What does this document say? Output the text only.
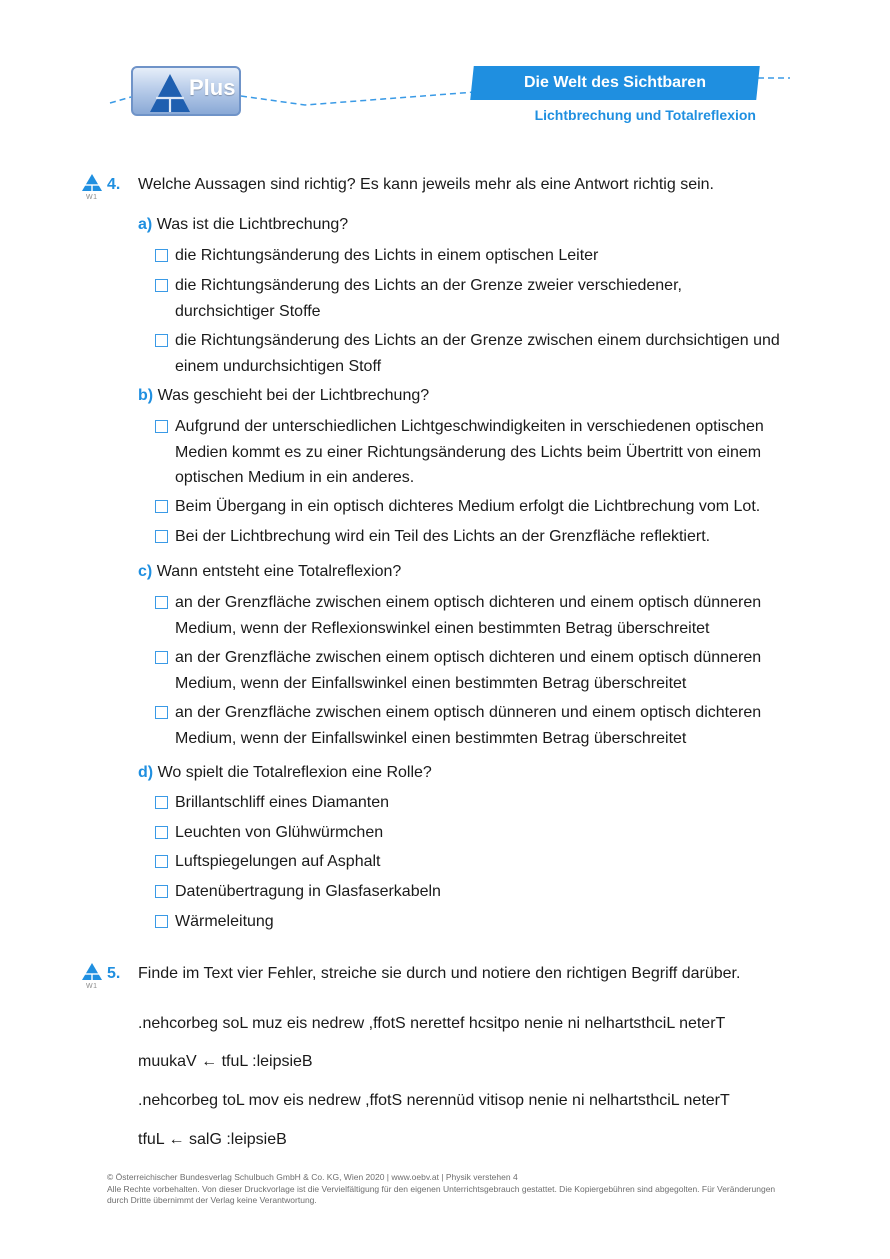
Plus	Die Welt des Sichtbaren
Lichtbrechung und Totalreflexion
W1
4. Welche Aussagen sind richtig? Es kann jeweils mehr als eine Antwort richtig sein.
a) Was ist die Lichtbrechung?
die Richtungsänderung des Lichts in einem optischen Leiter
die Richtungsänderung des Lichts an der Grenze zweier verschiedener, durchsichtiger Stoffe
die Richtungsänderung des Lichts an der Grenze zwischen einem durchsichtigen und einem undurchsichtigen Stoff
b) Was geschieht bei der Lichtbrechung?
Aufgrund der unterschiedlichen Lichtgeschwindigkeiten in verschiedenen optischen Medien kommt es zu einer Richtungsänderung des Lichts beim Übertritt von einem optischen Medium in ein anderes.
Beim Übergang in ein optisch dichteres Medium erfolgt die Lichtbrechung vom Lot.
Bei der Lichtbrechung wird ein Teil des Lichts an der Grenzfläche reflektiert.
c) Wann entsteht eine Totalreflexion?
an der Grenzfläche zwischen einem optisch dichteren und einem optisch dünneren Medium, wenn der Reflexionswinkel einen bestimmten Betrag überschreitet
an der Grenzfläche zwischen einem optisch dichteren und einem optisch dünneren Medium, wenn der Einfallswinkel einen bestimmten Betrag überschreitet
an der Grenzfläche zwischen einem optisch dünneren und einem optisch dichteren Medium, wenn der Einfallswinkel einen bestimmten Betrag überschreitet
d) Wo spielt die Totalreflexion eine Rolle?
Brillantschliff eines Diamanten
Leuchten von Glühwürmchen
Luftspiegelungen auf Asphalt
Datenübertragung in Glasfaserkabeln
Wärmeleitung
W1
5. Finde im Text vier Fehler, streiche sie durch und notiere den richtigen Begriff darüber.
.nehcorbeg soL muz eis nedrew ,ffotS nerettef hcsitpo nenie ni nelhartsthciL neterT
muukaV ← tfuL :leipsieB
.nehcorbeg toL mov eis nedrew ,ffotS nerennüd vitisop nenie ni nelhartsthciL neterT
tfuL ← salG :leipsieB
© Österreichischer Bundesverlag Schulbuch GmbH & Co. KG, Wien 2020 | www.oebv.at | Physik verstehen 4
Alle Rechte vorbehalten. Von dieser Druckvorlage ist die Vervielfältigung für den eigenen Unterrichtsgebrauch gestattet. Die Kopiergebühren sind abgegolten. Für Veränderungen durch Dritte übernimmt der Verlag keine Verantwortung.
